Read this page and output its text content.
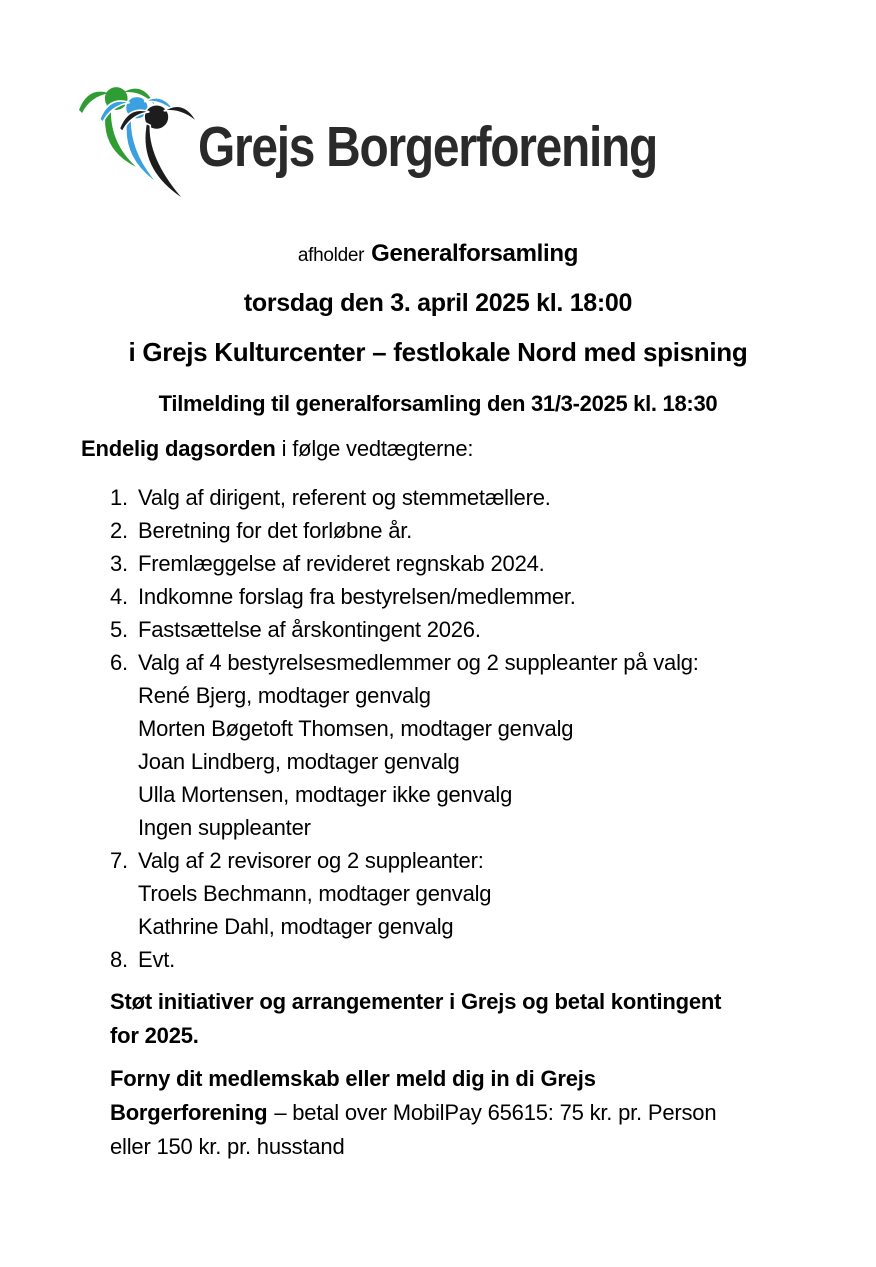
Grejs Borgerforening
afholder Generalforsamling
torsdag den 3. april 2025 kl. 18:00
i Grejs Kulturcenter – festlokale Nord med spisning
Tilmelding til generalforsamling den 31/3-2025 kl. 18:30
Endelig dagsorden i følge vedtægterne:
1. Valg af dirigent, referent og stemmetællere.
2. Beretning for det forløbne år.
3. Fremlæggelse af revideret regnskab 2024.
4. Indkomne forslag fra bestyrelsen/medlemmer.
5. Fastsættelse af årskontingent 2026.
6. Valg af 4 bestyrelsesmedlemmer og 2 suppleanter på valg:
René Bjerg, modtager genvalg
Morten Bøgetoft Thomsen, modtager genvalg
Joan Lindberg, modtager genvalg
Ulla Mortensen, modtager ikke genvalg
Ingen suppleanter
7. Valg af 2 revisorer og 2 suppleanter:
Troels Bechmann, modtager genvalg
Kathrine Dahl, modtager genvalg
8. Evt.
Støt initiativer og arrangementer i Grejs og betal kontingent
for 2025.
Forny dit medlemskab eller meld dig in di Grejs
Borgerforening – betal over MobilPay 65615: 75 kr. pr. Person
eller 150 kr. pr. husstand
